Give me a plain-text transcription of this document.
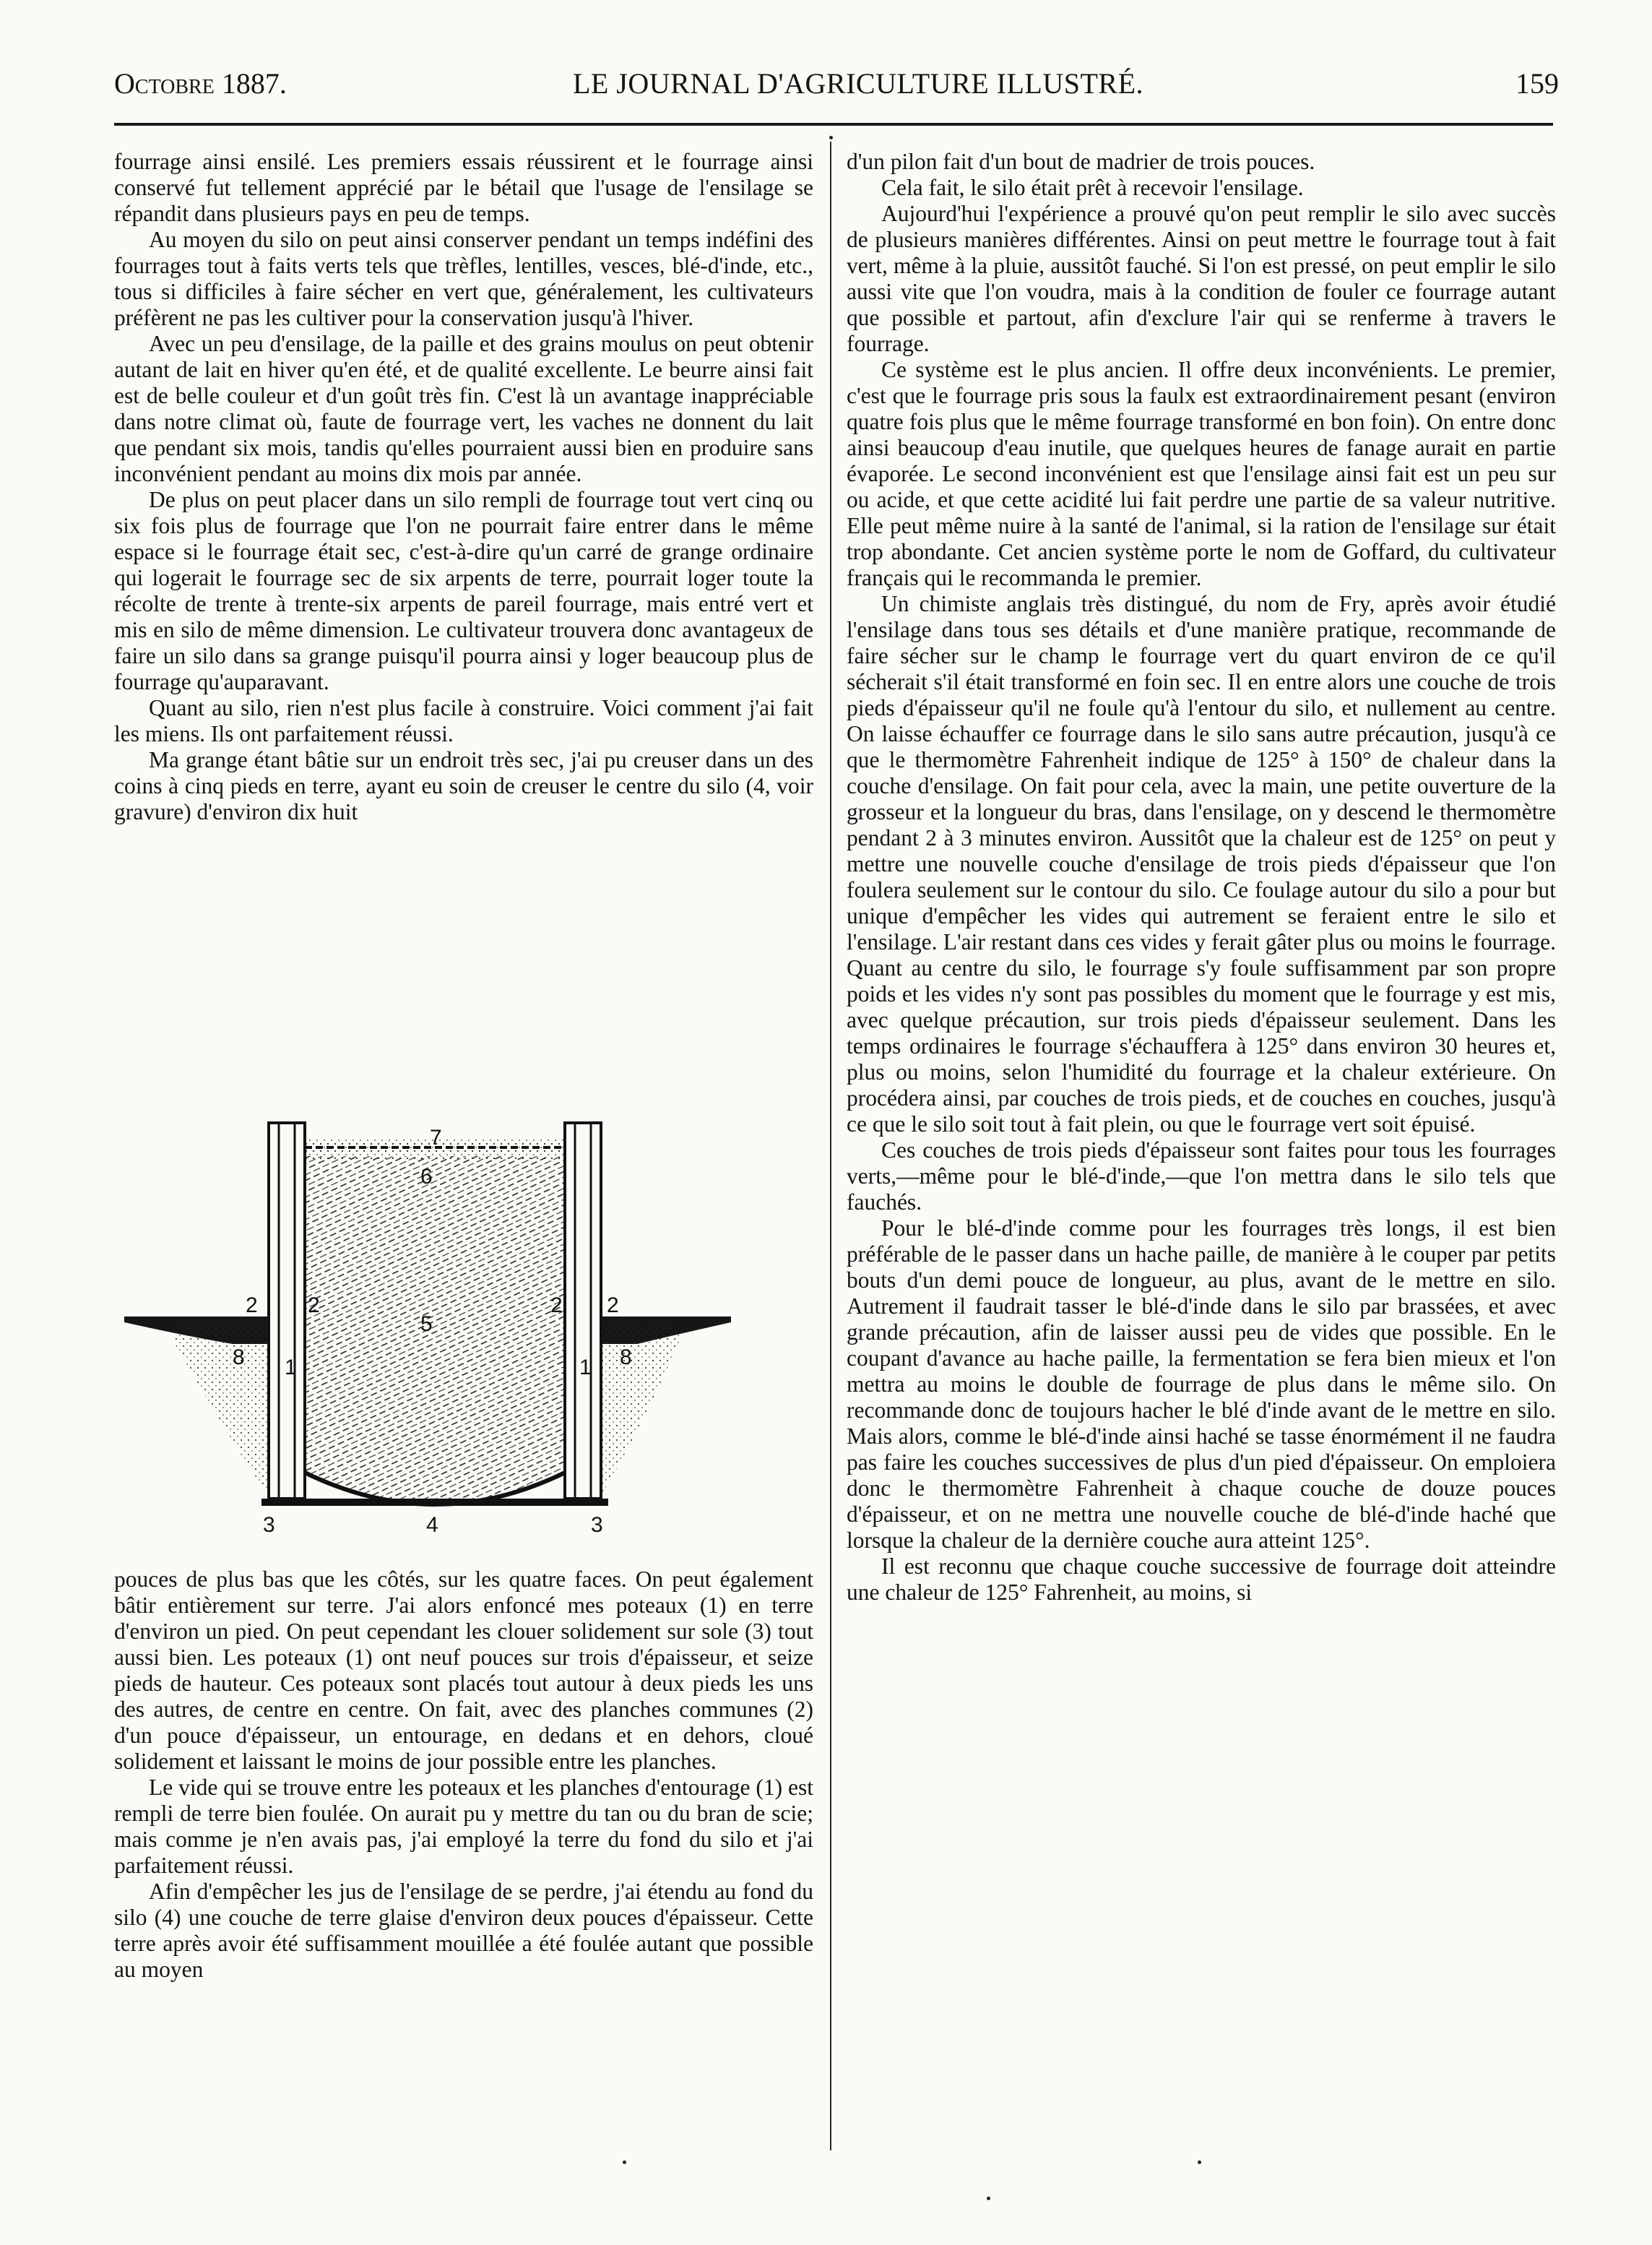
Octobre 1887.	LE JOURNAL D'AGRICULTURE ILLUSTRÉ.	159

fourrage ainsi ensilé. Les premiers essais réussirent et le fourrage ainsi conservé fut tellement apprécié par le bétail que l'usage de l'ensilage se répandit dans plusieurs pays en peu de temps.

Au moyen du silo on peut ainsi conserver pendant un temps indéfini des fourrages tout à faits verts tels que trèfles, lentilles, vesces, blé-d'inde, etc., tous si difficiles à faire sécher en vert que, généralement, les cultivateurs préfèrent ne pas les cultiver pour la conservation jusqu'à l'hiver.

Avec un peu d'ensilage, de la paille et des grains moulus on peut obtenir autant de lait en hiver qu'en été, et de qualité excellente. Le beurre ainsi fait est de belle couleur et d'un goût très fin. C'est là un avantage inappréciable dans notre climat où, faute de fourrage vert, les vaches ne donnent du lait que pendant six mois, tandis qu'elles pourraient aussi bien en produire sans inconvénient pendant au moins dix mois par année.

De plus on peut placer dans un silo rempli de fourrage tout vert cinq ou six fois plus de fourrage que l'on ne pourrait faire entrer dans le même espace si le fourrage était sec, c'est-à-dire qu'un carré de grange ordinaire qui logerait le fourrage sec de six arpents de terre, pourrait loger toute la récolte de trente à trente-six arpents de pareil fourrage, mais entré vert et mis en silo de même dimension. Le cultivateur trouvera donc avantageux de faire un silo dans sa grange puisqu'il pourra ainsi y loger beaucoup plus de fourrage qu'auparavant.

Quant au silo, rien n'est plus facile à construire. Voici comment j'ai fait les miens. Ils ont parfaitement réussi.

Ma grange étant bâtie sur un endroit très sec, j'ai pu creuser dans un des coins à cinq pieds en terre, ayant eu soin de creuser le centre du silo (4, voir gravure) d'environ dix huit

7
6
5
2 2	2 2
1	1
8	8
3	4	3

pouces de plus bas que les côtés, sur les quatre faces. On peut également bâtir entièrement sur terre. J'ai alors enfoncé mes poteaux (1) en terre d'environ un pied. On peut cependant les clouer solidement sur sole (3) tout aussi bien. Les poteaux (1) ont neuf pouces sur trois d'épaisseur, et seize pieds de hauteur. Ces poteaux sont placés tout autour à deux pieds les uns des autres, de centre en centre. On fait, avec des planches communes (2) d'un pouce d'épaisseur, un entourage, en dedans et en dehors, cloué solidement et laissant le moins de jour possible entre les planches.

Le vide qui se trouve entre les poteaux et les planches d'entourage (1) est rempli de terre bien foulée. On aurait pu y mettre du tan ou du bran de scie; mais comme je n'en avais pas, j'ai employé la terre du fond du silo et j'ai parfaitement réussi.

Afin d'empêcher les jus de l'ensilage de se perdre, j'ai étendu au fond du silo (4) une couche de terre glaise d'environ deux pouces d'épaisseur. Cette terre après avoir été suffisamment mouillée a été foulée autant que possible au moyen

d'un pilon fait d'un bout de madrier de trois pouces.

Cela fait, le silo était prêt à recevoir l'ensilage.

Aujourd'hui l'expérience a prouvé qu'on peut remplir le silo avec succès de plusieurs manières différentes. Ainsi on peut mettre le fourrage tout à fait vert, même à la pluie, aussitôt fauché. Si l'on est pressé, on peut emplir le silo aussi vite que l'on voudra, mais à la condition de fouler ce fourrage autant que possible et partout, afin d'exclure l'air qui se renferme à travers le fourrage.

Ce système est le plus ancien. Il offre deux inconvénients. Le premier, c'est que le fourrage pris sous la faulx est extraordinairement pesant (environ quatre fois plus que le même fourrage transformé en bon foin). On entre donc ainsi beaucoup d'eau inutile, que quelques heures de fanage aurait en partie évaporée. Le second inconvénient est que l'ensilage ainsi fait est un peu sur ou acide, et que cette acidité lui fait perdre une partie de sa valeur nutritive. Elle peut même nuire à la santé de l'animal, si la ration de l'ensilage sur était trop abondante. Cet ancien système porte le nom de Goffard, du cultivateur français qui le recommanda le premier.

Un chimiste anglais très distingué, du nom de Fry, après avoir étudié l'ensilage dans tous ses détails et d'une manière pratique, recommande de faire sécher sur le champ le fourrage vert du quart environ de ce qu'il sécherait s'il était transformé en foin sec. Il en entre alors une couche de trois pieds d'épaisseur qu'il ne foule qu'à l'entour du silo, et nullement au centre. On laisse échauffer ce fourrage dans le silo sans autre précaution, jusqu'à ce que le thermomètre Fahrenheit indique de 125° à 150° de chaleur dans la couche d'ensilage. On fait pour cela, avec la main, une petite ouverture de la grosseur et la longueur du bras, dans l'ensilage, on y descend le thermomètre pendant 2 à 3 minutes environ. Aussitôt que la chaleur est de 125° on peut y mettre une nouvelle couche d'ensilage de trois pieds d'épaisseur que l'on foulera seulement sur le contour du silo. Ce foulage autour du silo a pour but unique d'empêcher les vides qui autrement se feraient entre le silo et l'ensilage. L'air restant dans ces vides y ferait gâter plus ou moins le fourrage. Quant au centre du silo, le fourrage s'y foule suffisamment par son propre poids et les vides n'y sont pas possibles du moment que le fourrage y est mis, avec quelque précaution, sur trois pieds d'épaisseur seulement. Dans les temps ordinaires le fourrage s'échauffera à 125° dans environ 30 heures et, plus ou moins, selon l'humidité du fourrage et la chaleur extérieure. On procédera ainsi, par couches de trois pieds, et de couches en couches, jusqu'à ce que le silo soit tout à fait plein, ou que le fourrage vert soit épuisé.

Ces couches de trois pieds d'épaisseur sont faites pour tous les fourrages verts,—même pour le blé-d'inde,—que l'on mettra dans le silo tels que fauchés.

Pour le blé-d'inde comme pour les fourrages très longs, il est bien préférable de le passer dans un hache paille, de manière à le couper par petits bouts d'un demi pouce de longueur, au plus, avant de le mettre en silo. Autrement il faudrait tasser le blé-d'inde dans le silo par brassées, et avec grande précaution, afin de laisser aussi peu de vides que possible. En le coupant d'avance au hache paille, la fermentation se fera bien mieux et l'on mettra au moins le double de fourrage de plus dans le même silo. On recommande donc de toujours hacher le blé d'inde avant de le mettre en silo. Mais alors, comme le blé-d'inde ainsi haché se tasse énormément il ne faudra pas faire les couches successives de plus d'un pied d'épaisseur. On emploiera donc le thermomètre Fahrenheit à chaque couche de douze pouces d'épaisseur, et on ne mettra une nouvelle couche de blé-d'inde haché que lorsque la chaleur de la dernière couche aura atteint 125°.

Il est reconnu que chaque couche successive de fourrage doit atteindre une chaleur de 125° Fahrenheit, au moins, si
